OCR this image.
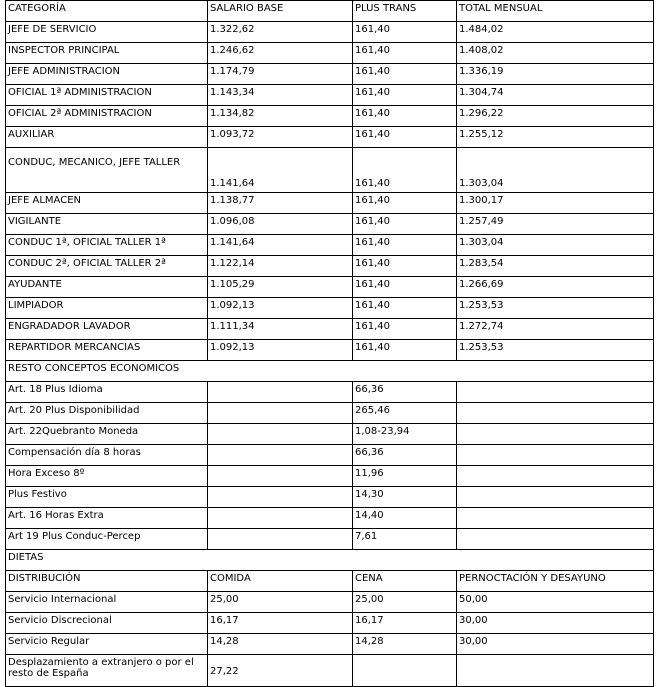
CATEGORÍA	SALARIO BASE	PLUS TRANS	TOTAL MENSUAL
JEFE DE SERVICIO	1.322,62	161,40	1.484,02
INSPECTOR PRINCIPAL	1.246,62	161,40	1.408,02
JEFE ADMINISTRACION	1.174,79	161,40	1.336,19
OFICIAL 1ª ADMINISTRACION	1.143,34	161,40	1.304,74
OFICIAL 2ª ADMINISTRACION	1.134,82	161,40	1.296,22
AUXILIAR	1.093,72	161,40	1.255,12
CONDUC, MECANICO, JEFE TALLER	1.141,64	161,40	1.303,04
JEFE ALMACEN	1.138,77	161,40	1.300,17
VIGILANTE	1.096,08	161,40	1.257,49
CONDUC 1ª, OFICIAL TALLER 1ª	1.141,64	161,40	1.303,04
CONDUC 2ª, OFICIAL TALLER 2ª	1.122,14	161,40	1.283,54
AYUDANTE	1.105,29	161,40	1.266,69
LIMPIADOR	1.092,13	161,40	1.253,53
ENGRADADOR LAVADOR	1.111,34	161,40	1.272,74
REPARTIDOR MERCANCIAS	1.092,13	161,40	1.253,53
RESTO CONCEPTOS ECONOMICOS			
Art. 18 Plus Idioma		66,36	
Art. 20 Plus Disponibilidad		265,46	
Art. 22Quebranto Moneda		1,08-23,94	
Compensación día 8 horas		66,36	
Hora Exceso 8º		11,96	
Plus Festivo		14,30	
Art. 16 Horas Extra		14,40	
Art 19 Plus Conduc-Percep		7,61	
DIETAS			
DISTRIBUCIÓN	COMIDA	CENA	PERNOCTACIÓN Y DESAYUNO
Servicio Internacional	25,00	25,00	50,00
Servicio Discrecional	16,17	16,17	30,00
Servicio Regular	14,28	14,28	30,00
Desplazamiento a extranjero o por el resto de España	27,22		
